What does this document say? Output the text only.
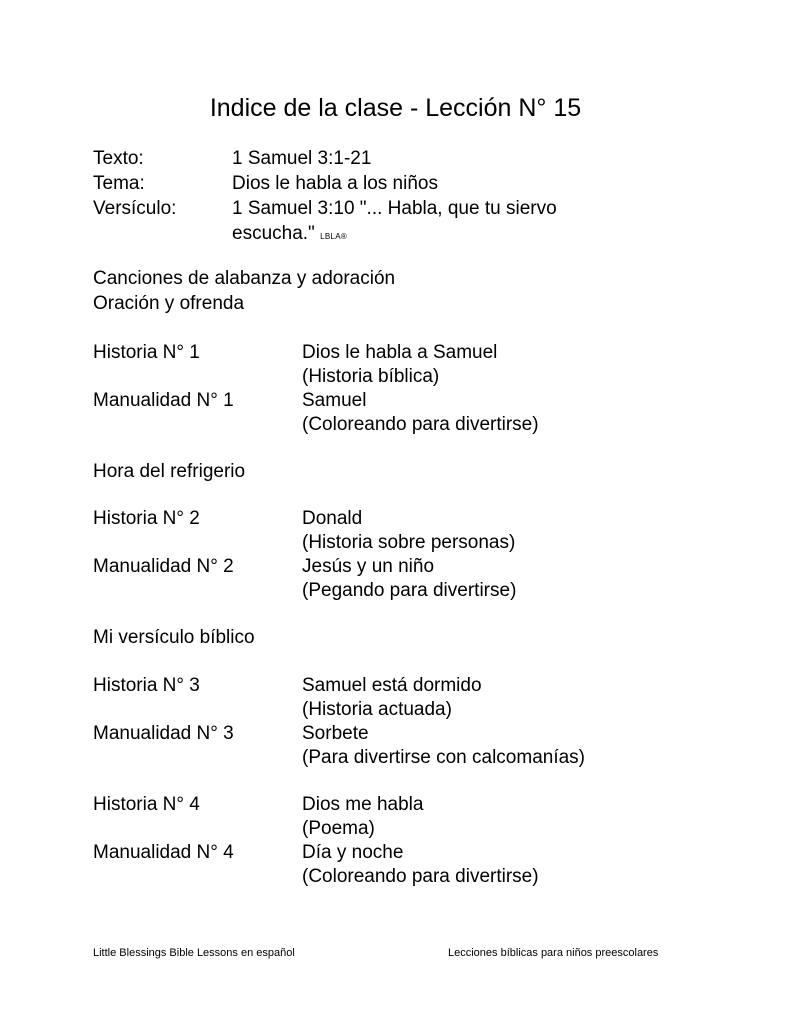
Indice de la clase - Lección N° 15
Texto:	1 Samuel 3:1-21
Tema:	Dios le habla a los niños
Versículo:	1 Samuel 3:10 "... Habla, que tu siervo
escucha." LBLA®
Canciones de alabanza y adoración
Oración y ofrenda
Historia N° 1	Dios le habla a Samuel
(Historia bíblica)
Manualidad N° 1	Samuel
(Coloreando para divertirse)
Hora del refrigerio
Historia N° 2	Donald
(Historia sobre personas)
Manualidad N° 2	Jesús y un niño
(Pegando para divertirse)
Mi versículo bíblico
Historia N° 3	Samuel está dormido
(Historia actuada)
Manualidad N° 3	Sorbete
(Para divertirse con calcomanías)
Historia N° 4	Dios me habla
(Poema)
Manualidad N° 4	Día y noche
(Coloreando para divertirse)
Little Blessings Bible Lessons en español	Lecciones bíblicas para niños preescolares
